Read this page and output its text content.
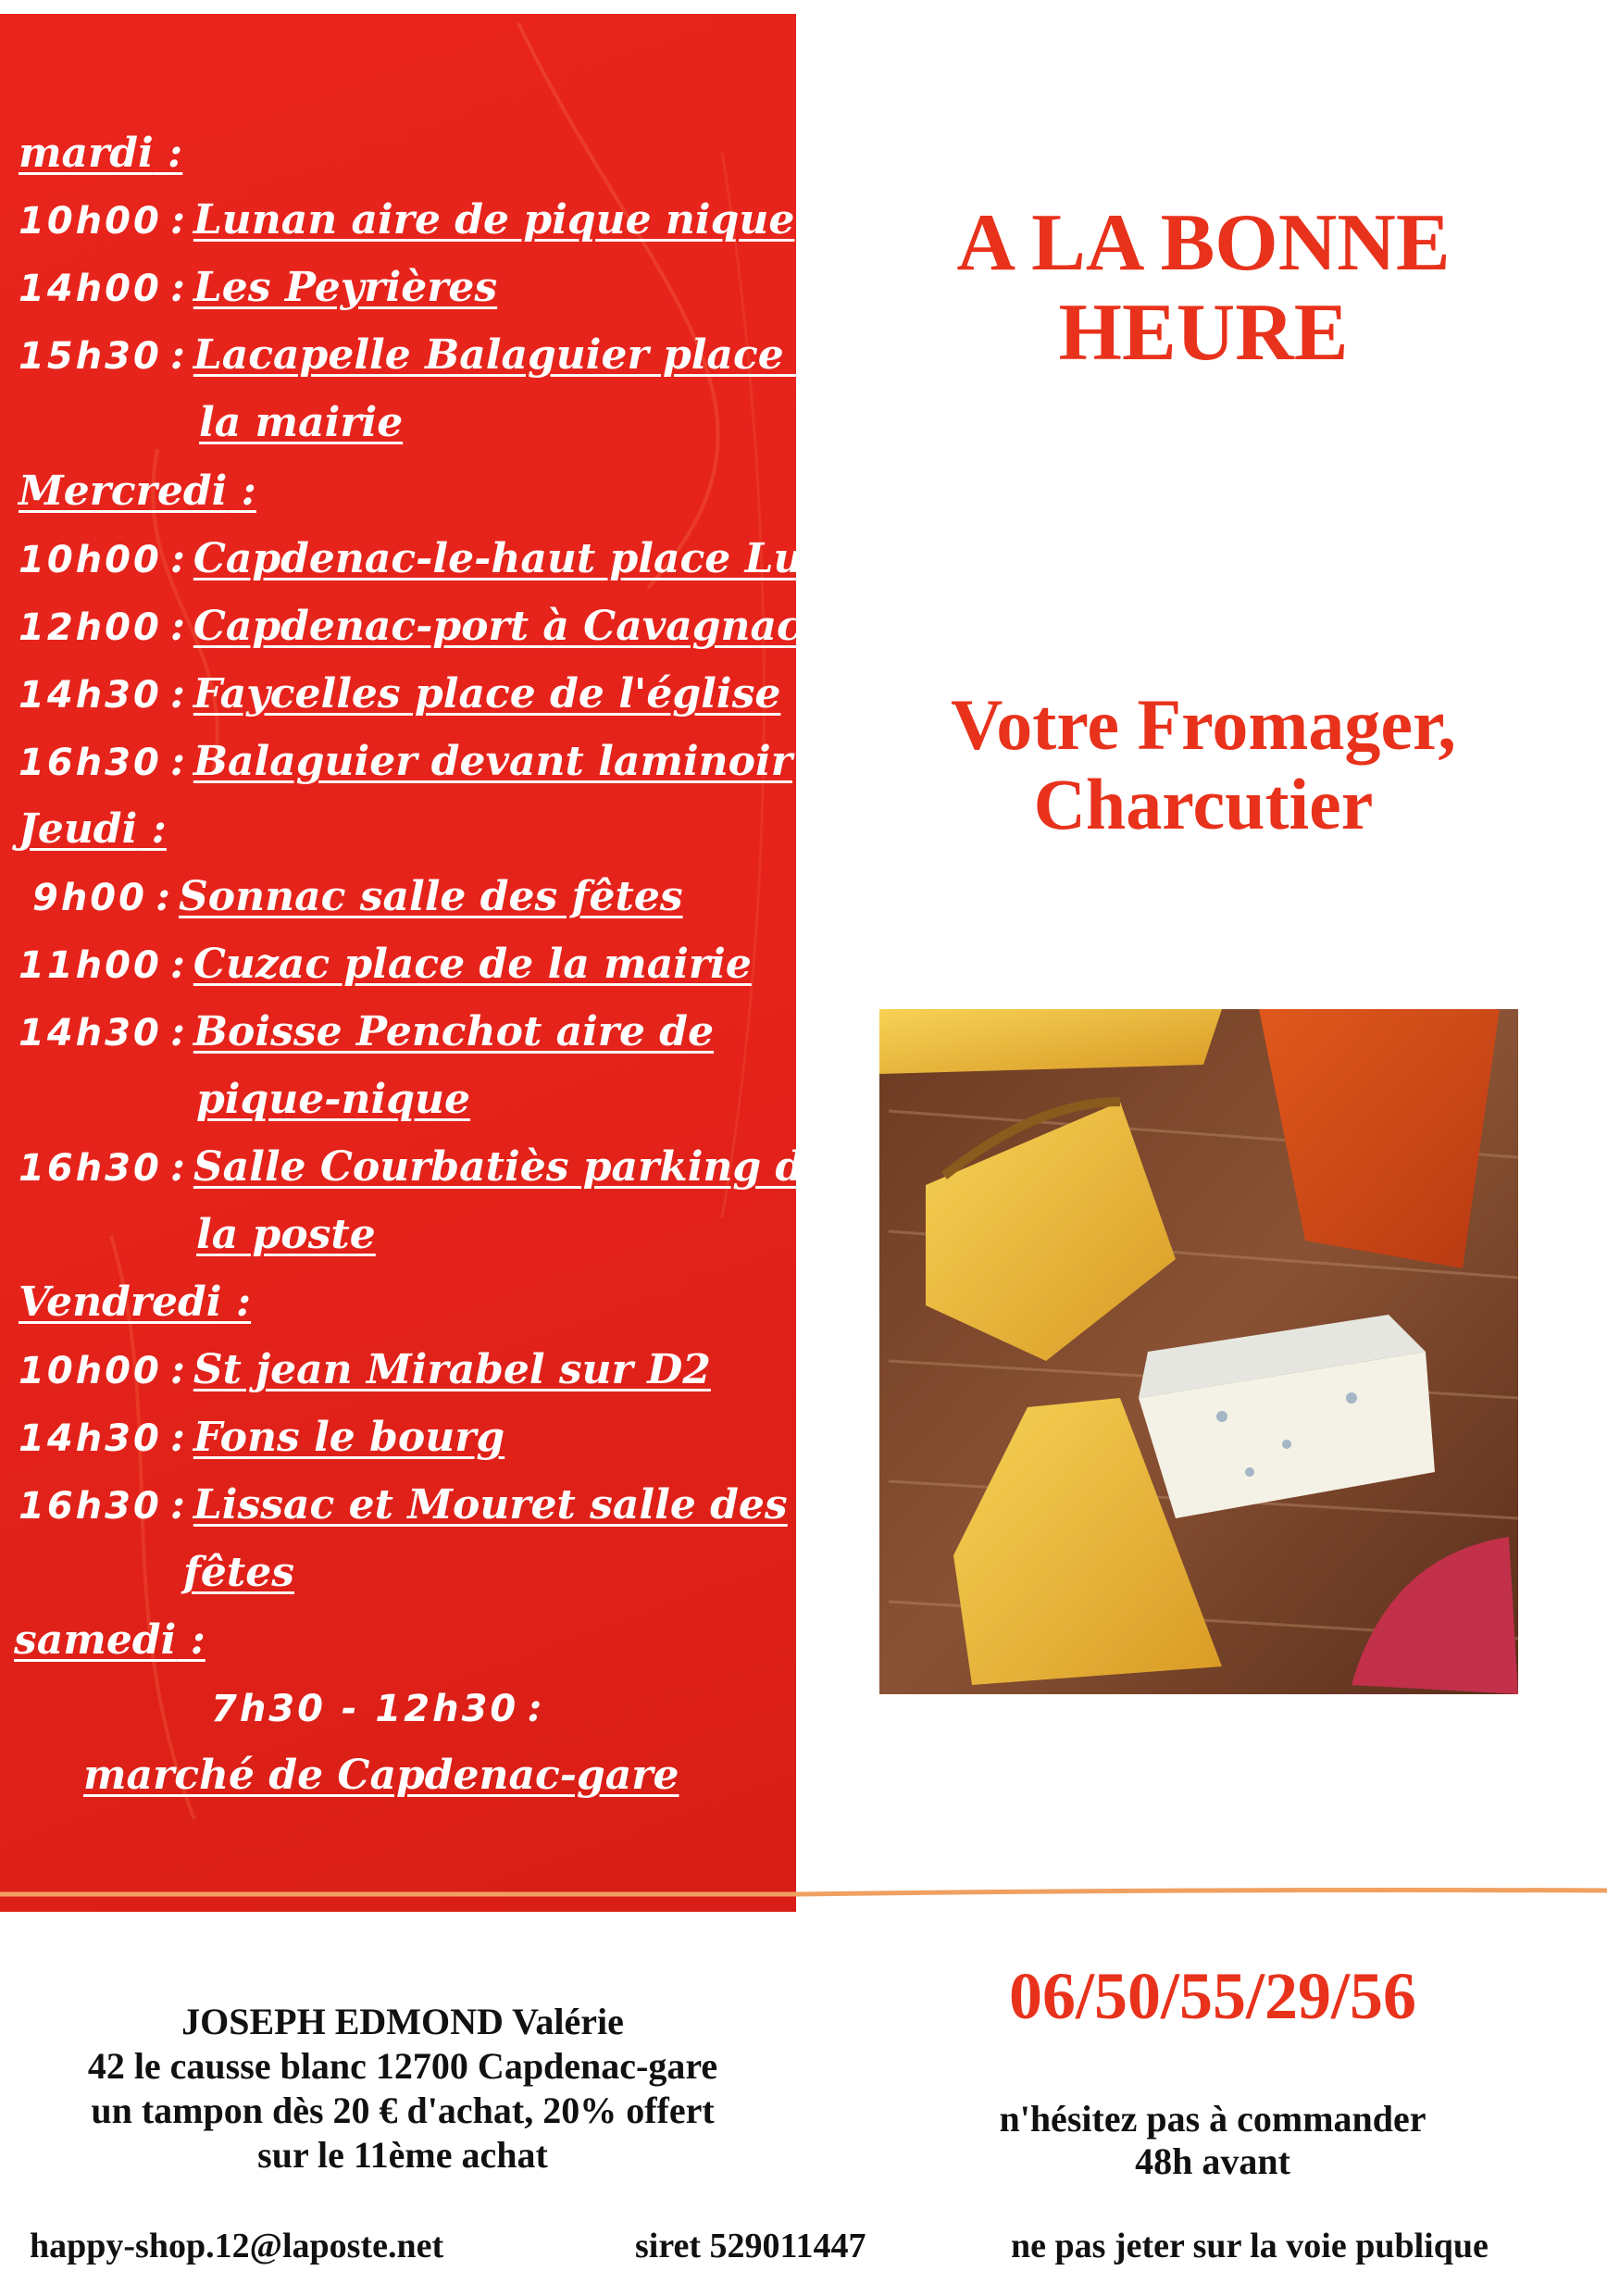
mardi :
10h00 : Lunan aire de pique nique
14h00 : Les Peyrières
15h30 : Lacapelle Balaguier place de
la mairie
Mercredi :
10h00 : Capdenac-le-haut place Lucter
12h00 : Capdenac-port à Cavagnac
14h30 : Faycelles place de l'église
16h30 : Balaguier devant laminoir
Jeudi :
9h00 : Sonnac salle des fêtes
11h00 : Cuzac place de la mairie
14h30 : Boisse Penchot aire de
pique-nique
16h30 : Salle Courbatiès parking de
la poste
Vendredi :
10h00 : St jean Mirabel sur D2
14h30 : Fons le bourg
16h30 : Lissac et Mouret salle des
fêtes
samedi :
7h30 - 12h30 :
marché de Capdenac-gare
A LA BONNE
HEURE
Votre Fromager,
Charcutier
JOSEPH EDMOND Valérie
42 le causse blanc 12700 Capdenac-gare
un tampon dès 20 € d'achat, 20% offert
sur le 11ème achat
06/50/55/29/56
n'hésitez pas à commander
48h avant
happy-shop.12@laposte.net	siret 529011447	ne pas jeter sur la voie publique
